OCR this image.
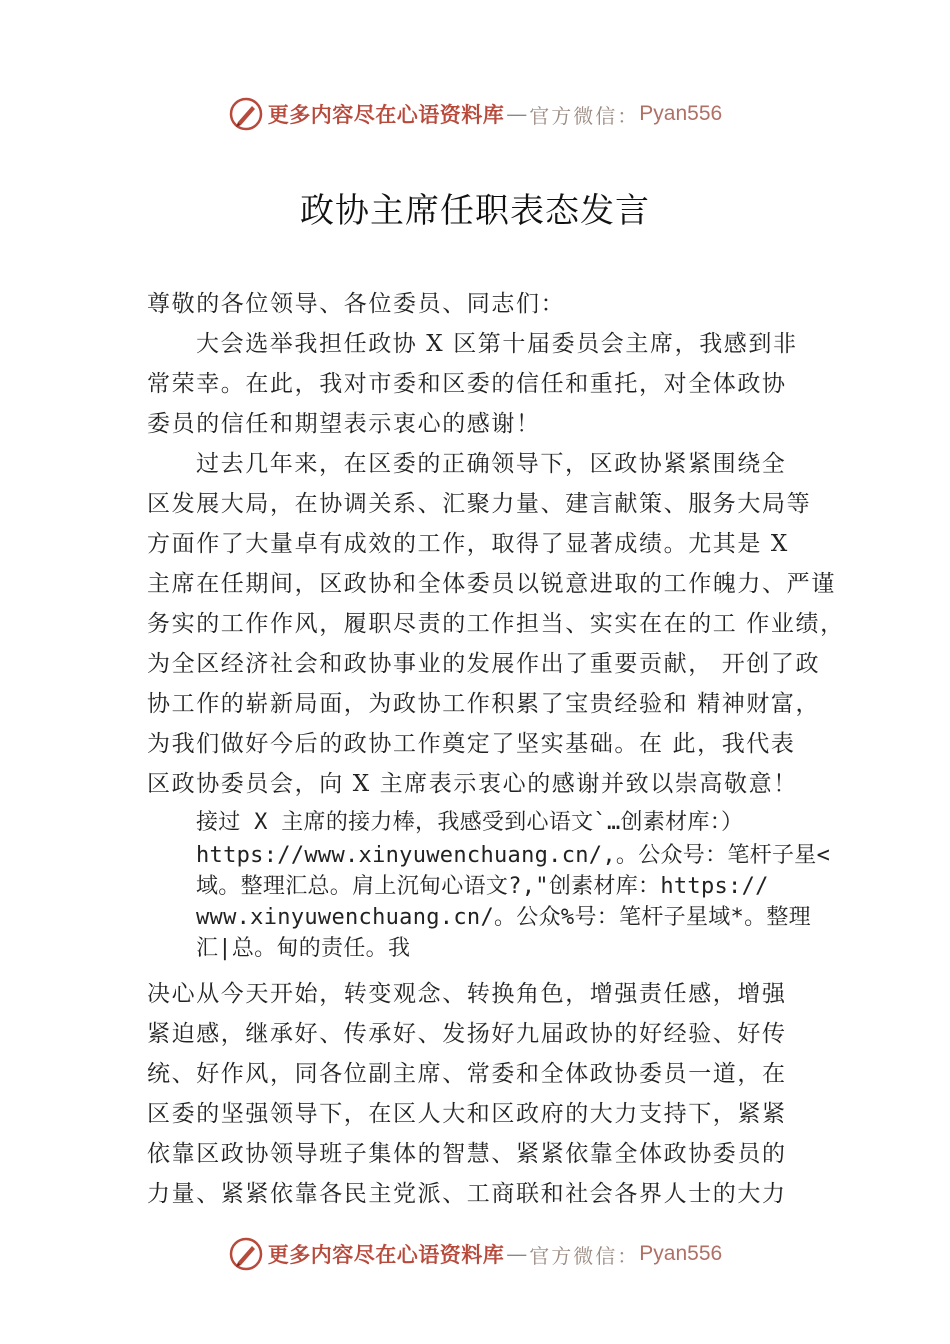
更多内容尽在心语资料库 — 官方微信： Pyan556
政协主席任职表态发言
尊敬的各位领导、各位委员、同志们：
大会选举我担任政协 X 区第十届委员会主席，我感到非
常荣幸。在此，我对市委和区委的信任和重托，对全体政协
委员的信任和期望表示衷心的感谢！
过去几年来，在区委的正确领导下，区政协紧紧围绕全
区发展大局，在协调关系、汇聚力量、建言献策、服务大局等
方面作了大量卓有成效的工作，取得了显著成绩。尤其是 X
主席在任期间，区政协和全体委员以锐意进取的工作魄力、严谨
务实的工作作风，履职尽责的工作担当、实实在在的工 作业绩，
为全区经济社会和政协事业的发展作出了重要贡献， 开创了政
协工作的崭新局面，为政协工作积累了宝贵经验和 精神财富，
为我们做好今后的政协工作奠定了坚实基础。在 此，我代表
区政协委员会，向 X 主席表示衷心的感谢并致以崇高敬意！
接过 X 主席的接力棒，我感受到心语文`…创素材库：）
https://www.xinyuwenchuang.cn/,。公众号：笔杆子星<
域。整理汇总。肩上沉甸心语文?,"创素材库：https://
www.xinyuwenchuang.cn/。公众%号：笔杆子星域*。整理
汇|总。甸的责任。我
决心从今天开始，转变观念、转换角色，增强责任感，增强
紧迫感，继承好、传承好、发扬好九届政协的好经验、好传
统、好作风，同各位副主席、常委和全体政协委员一道，在
区委的坚强领导下，在区人大和区政府的大力支持下，紧紧
依靠区政协领导班子集体的智慧、紧紧依靠全体政协委员的
力量、紧紧依靠各民主党派、工商联和社会各界人士的大力
更多内容尽在心语资料库 — 官方微信： Pyan556
